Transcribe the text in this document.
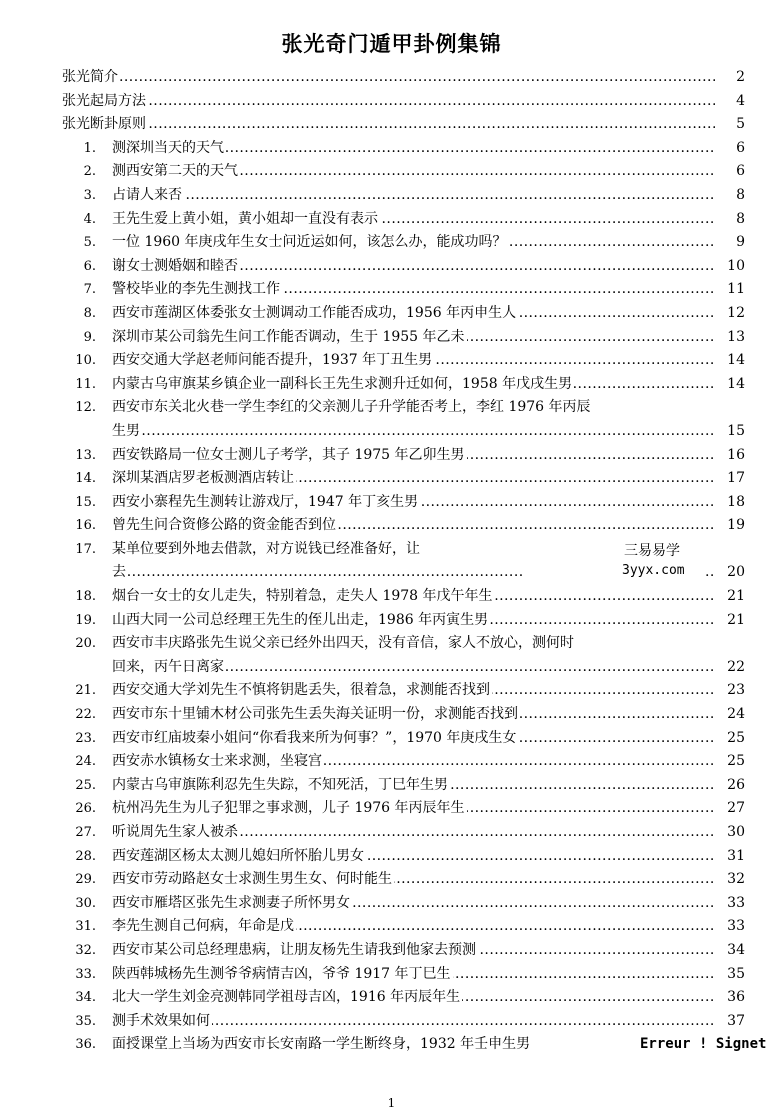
张光奇门遁甲卦例集锦
. . .
张光简介	2
. . .
张光起局方法	4
. . .
张光断卦原则	5
1. . . . 测深圳当天的天气	6
2. . . . 测西安第二天的天气	6
3. . . . 占请人来否	8
4. . . . 王先生爱上黄小姐，黄小姐却一直没有表示	8
5. . . . 一位 1960 年庚戌年生女士问近运如何，该怎么办，能成功吗？	9
6. . . . 谢女士测婚姻和睦否	10
7. . . . 警校毕业的李先生测找工作	11
8. . . . 西安市莲湖区体委张女士测调动工作能否成功，1956 年丙申生人	12
9. . . . 深圳市某公司翁先生问工作能否调动，生于 1955 年乙未	13
10. . . . 西安交通大学赵老师问能否提升，1937 年丁丑生男	14
11. . . . 内蒙古乌审旗某乡镇企业一副科长王先生求测升迁如何，1958 年戊戌生男	14
12. 西安市东关北火巷一学生李红的父亲测儿子升学能否考上，李红 1976 年丙辰
. . .
生男	15
13. . . . 西安铁路局一位女士测儿子考学，其子 1975 年乙卯生男	16
14. . . . 深圳某酒店罗老板测酒店转让	17
15. . . . 西安小寨程先生测转让游戏厅，1947 年丁亥生男	18
16. . . . 曾先生问合资修公路的资金能否到位	19
17. 某单位要到外地去借款，对方说钱已经准备好，让
. . .
去	20
18. . . . 烟台一女士的女儿走失，特别着急，走失人 1978 年戊午年生	21
19. . . . 山西大同一公司总经理王先生的侄儿出走，1986 年丙寅生男	21
20. 西安市丰庆路张先生说父亲已经外出四天，没有音信，家人不放心，测何时
. . .
回来，丙午日离家	22
21. . . . 西安交通大学刘先生不慎将钥匙丢失，很着急，求测能否找到	23
22. . . . 西安市东十里铺木材公司张先生丢失海关证明一份，求测能否找到	24
23. . . . 西安市红庙坡秦小姐问“你看我来所为何事？”，1970 年庚戌生女	25
24. . . . 西安赤水镇杨女士来求测，坐寝宫	25
25. . . . 内蒙古乌审旗陈利忍先生失踪，不知死活，丁巳年生男	26
26. . . . 杭州冯先生为儿子犯罪之事求测，儿子 1976 年丙辰年生	27
27. . . . 听说周先生家人被杀	30
28. . . . 西安莲湖区杨太太测儿媳妇所怀胎儿男女	31
29. . . . 西安市劳动路赵女士求测生男生女、何时能生	32
30. . . . 西安市雁塔区张先生求测妻子所怀男女	33
31. . . . 李先生测自己何病，年命是戊	33
32. . . . 西安市某公司总经理患病，让朋友杨先生请我到他家去预测	34
33. . . . 陕西韩城杨先生测爷爷病情吉凶，爷爷 1917 年丁巳生	35
34. . . . 北大一学生刘金亮测韩同学祖母吉凶，1916 年丙辰年生	36
35. . . . 测手术效果如何	37
36. 面授课堂上当场为西安市长安南路一学生断终身，1932 年壬申生男	Erreur ! Signet
三易易学
3yyx.com
1
